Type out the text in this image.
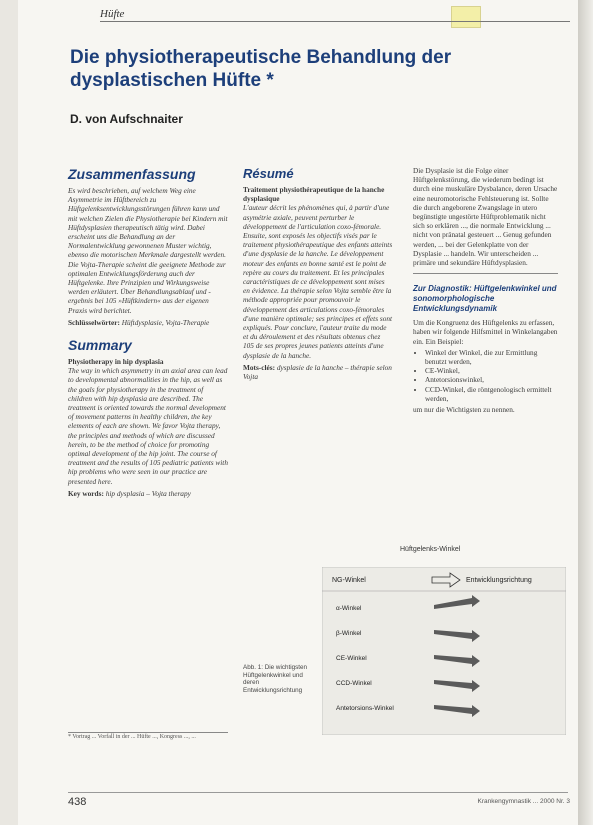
Hüfte
Die physiotherapeutische Behandlung der dysplastischen Hüfte *

D. von Aufschnaiter

Zusammenfassung

Es wird beschrieben, auf welchem Weg eine Asymmetrie im Hüftbereich zu Hüftgelenksentwicklungsstörungen führen kann und mit welchen Zielen die Physiotherapie bei Kindern mit Hüftdysplasien therapeutisch tätig wird. Dabei erscheint uns die Behandlung an der Normalentwicklung gewonnenen Muster wichtig, ebenso die motorischen Merkmale dargestellt werden. Die Vojta-Therapie scheint die geeignete Methode zur optimalen Entwicklungsförderung auch der Hüftgelenke. Ihre Prinzipien und Wirkungsweise werden erläutert. Über Behandlungsablauf und -ergebnis bei 105 »Hüftkindern« aus der eigenen Praxis wird berichtet.

Schlüsselwörter: Hüftdysplasie, Vojta-Therapie

Summary

Physiotherapy in hip dysplasia

The way in which asymmetry in an axial area can lead to developmental abnormalities in the hip, as well as the goals for physiotherapy in the treatment of children with hip dysplasia are described. The treatment is oriented towards the normal development of movement patterns in healthy children, the key elements of each are shown. We favor Vojta therapy, the principles and methods of which are discussed herein, to be the method of choice for promoting optimal development of the hip joint. The course of treatment and the results of 105 pediatric patients with hip problems who were seen in our practice are presented here.

Key words: hip dysplasia – Vojta therapy

Résumé

Traitement physiothérapeutique de la hanche dysplasique

L'auteur décrit les phénomènes qui, à partir d'une asymétrie axiale, peuvent perturber le développement de l'articulation coxo-fémorale. Ensuite, sont exposés les objectifs visés par le traitement physiothérapeutique des enfants atteints d'une dysplasie de la hanche. Le développement moteur des enfants en bonne santé est le point de repère au cours du traitement. Et les principales caractéristiques de ce développement sont mises en évidence. La thérapie selon Vojta semble être la méthode appropriée pour promouvoir le développement des articulations coxo-fémorales d'une manière optimale; ses principes et effets sont expliqués. Pour conclure, l'auteur traite du mode et du déroulement et des résultats obtenus chez 105 de ses propres jeunes patients atteints d'une dysplasie de la hanche.

Mots-clés: dysplasie de la hanche – thérapie selon Vojta

Die Dysplasie ist die Folge einer Hüftgelenkstörung, die wiederum bedingt ist durch eine muskuläre Dysbalance, deren Ursache eine neuromotorische Fehlsteuerung ist. Sollte die durch angeborene Zwangslage in utero begünstigte ungestörte Hüftproblematik nicht sich so erklären ..., die normale Entwicklung ... nicht von pränatal gesteuert ... Genug gefunden werden, ... bei der Gelenkplatte von der Dysplasie ... handeln. Wir unterscheiden ... primäre und sekundäre Hüftdysplasien.

Zur Diagnostik: Hüftgelenkwinkel und sonomorphologische Entwicklungsdynamik

Um die Kongruenz des Hüftgelenks zu erfassen, haben wir folgende Hilfsmittel in Winkelangaben ein. Ein Beispiel:

• Winkel der Winkel, die zur Ermittlung benutzt werden,
• CE-Winkel,
• Antetorsionswinkel,
• CCD-Winkel, die röntgenologisch ermittelt werden,

um nur die Wichtigsten zu nennen.

Hüftgelenks-Winkel
NG-Winkel	Entwicklungsrichtung
α-Winkel
β-Winkel
CE-Winkel
CCD-Winkel
Antetorsions-Winkel
Abb. 1: Die wichtigsten Hüftgelenkwinkel und deren Entwicklungsrichtung
* Vortrag ... Vorfall in der ... Hüfte ..., Kongress ..., ...
438	Krankengymnastik ... 2000 Nr. 3
